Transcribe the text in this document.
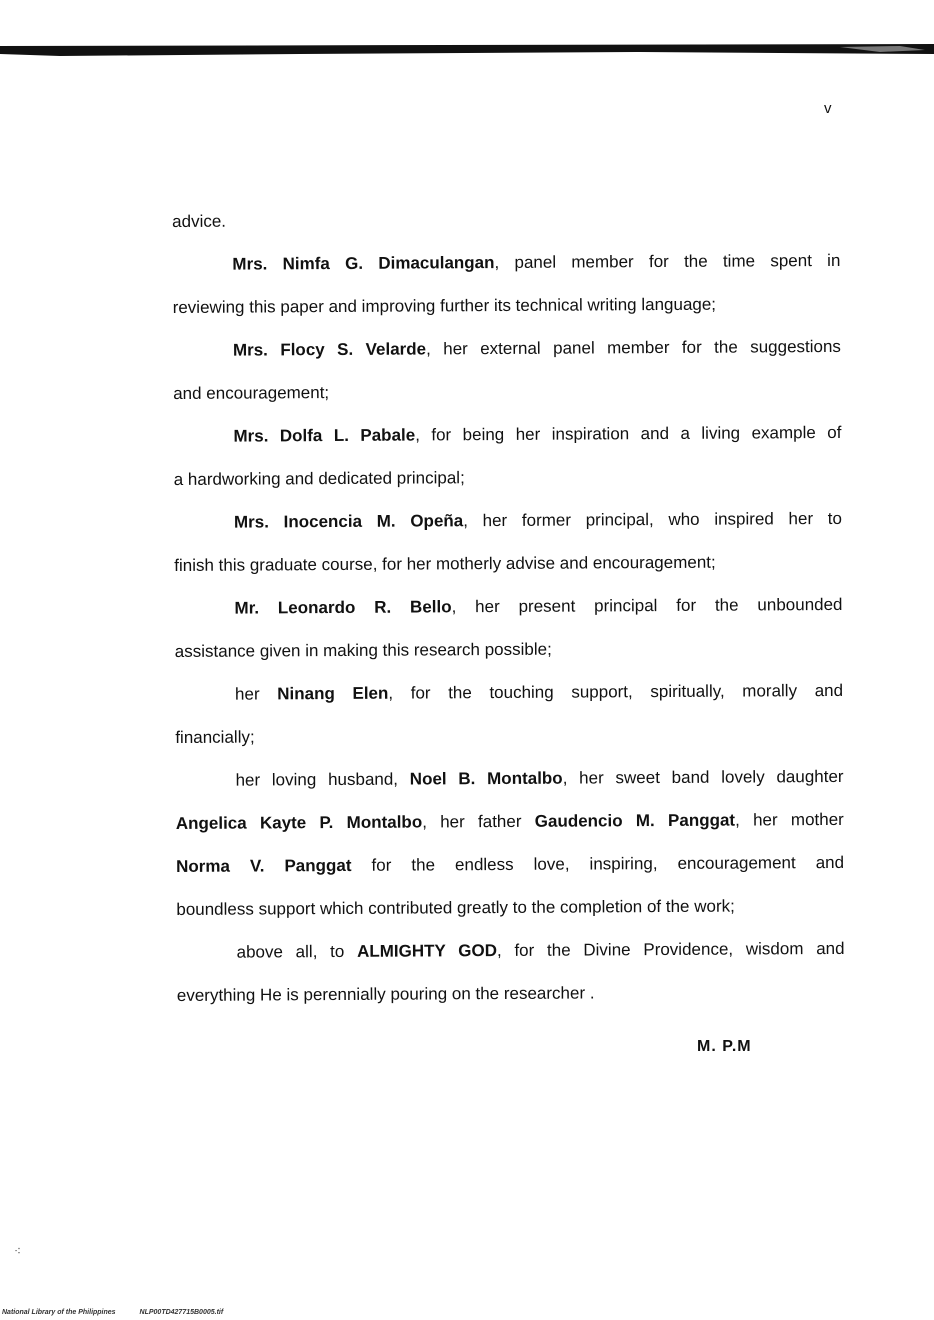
v
advice.
Mrs. Nimfa G. Dimaculangan, panel member for the time spent in
reviewing this paper and improving further its technical writing language;
Mrs. Flocy S. Velarde, her external panel member for the suggestions
and encouragement;
Mrs. Dolfa L. Pabale, for being her inspiration and a living example of
a hardworking and dedicated principal;
Mrs. Inocencia M. Opeña, her former principal, who inspired her to
finish this graduate course, for her motherly advise and encouragement;
Mr. Leonardo R. Bello, her present principal for the unbounded
assistance given in making this research possible;
her Ninang Elen, for the touching support, spiritually, morally and
financially;
her loving husband, Noel B. Montalbo, her sweet band lovely daughter
Angelica Kayte P. Montalbo, her father Gaudencio M. Panggat, her mother
Norma V. Panggat for the endless love, inspiring, encouragement and
boundless support which contributed greatly to the completion of the work;
above all, to ALMIGHTY GOD, for the Divine Providence, wisdom and
everything He is perennially pouring on the researcher .
M. P.M
⁖
National Library of the Philippines	NLP00TD427715B0005.tif
